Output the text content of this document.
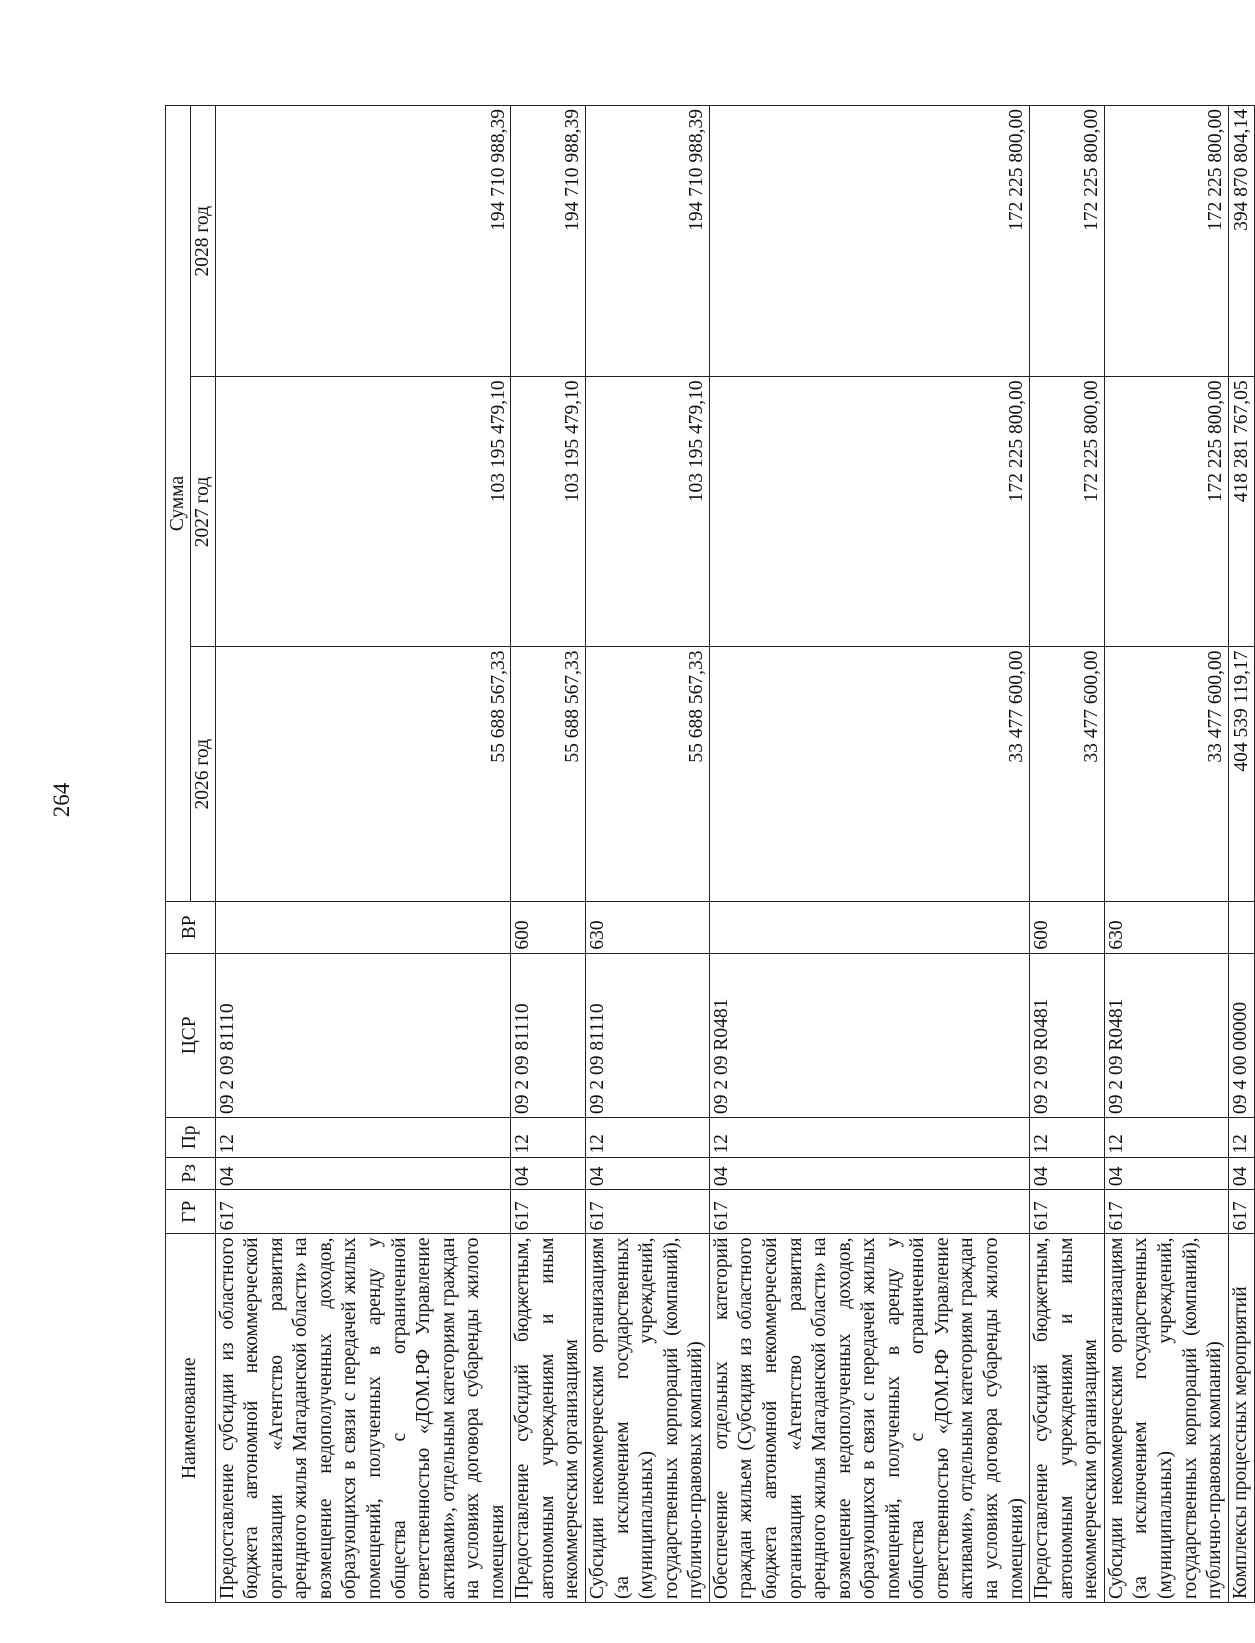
264
Наименование	ГР	Рз	Пр	ЦСР	ВР	Сумма		
						2026 год	2027 год	2028 год
Предоставление субсидии из областного бюджета автономной некоммерческой организации «Агентство развития арендного жилья Магаданской области» на возмещение недополученных доходов, образующихся в связи с передачей жилых помещений, полученных в аренду у общества с ограниченной ответственностью «ДОМ.РФ Управление активами», отдельным категориям граждан на условиях договора субаренды жилого помещения	617	04	12	09 2 09 81110		55 688 567,33	103 195 479,10	194 710 988,39
Предоставление субсидий бюджетным, автономным учреждениям и иным некоммерческим организациям	617	04	12	09 2 09 81110	600	55 688 567,33	103 195 479,10	194 710 988,39
Субсидии некоммерческим организациям (за исключением государственных (муниципальных) учреждений, государственных корпораций (компаний), публично-правовых компаний)	617	04	12	09 2 09 81110	630	55 688 567,33	103 195 479,10	194 710 988,39
Обеспечение отдельных категорий граждан жильем (Субсидия из областного бюджета автономной некоммерческой организации «Агентство развития арендного жилья Магаданской области» на возмещение недополученных доходов, образующихся в связи с передачей жилых помещений, полученных в аренду у общества с ограниченной ответственностью «ДОМ.РФ Управление активами», отдельным категориям граждан на условиях договора субаренды жилого помещения)	617	04	12	09 2 09 R0481		33 477 600,00	172 225 800,00	172 225 800,00
Предоставление субсидий бюджетным, автономным учреждениям и иным некоммерческим организациям	617	04	12	09 2 09 R0481	600	33 477 600,00	172 225 800,00	172 225 800,00
Субсидии некоммерческим организациям (за исключением государственных (муниципальных) учреждений, государственных корпораций (компаний), публично-правовых компаний)	617	04	12	09 2 09 R0481	630	33 477 600,00	172 225 800,00	172 225 800,00
Комплексы процессных мероприятий	617	04	12	09 4 00 00000		404 539 119,17	418 281 767,05	394 870 804,14
